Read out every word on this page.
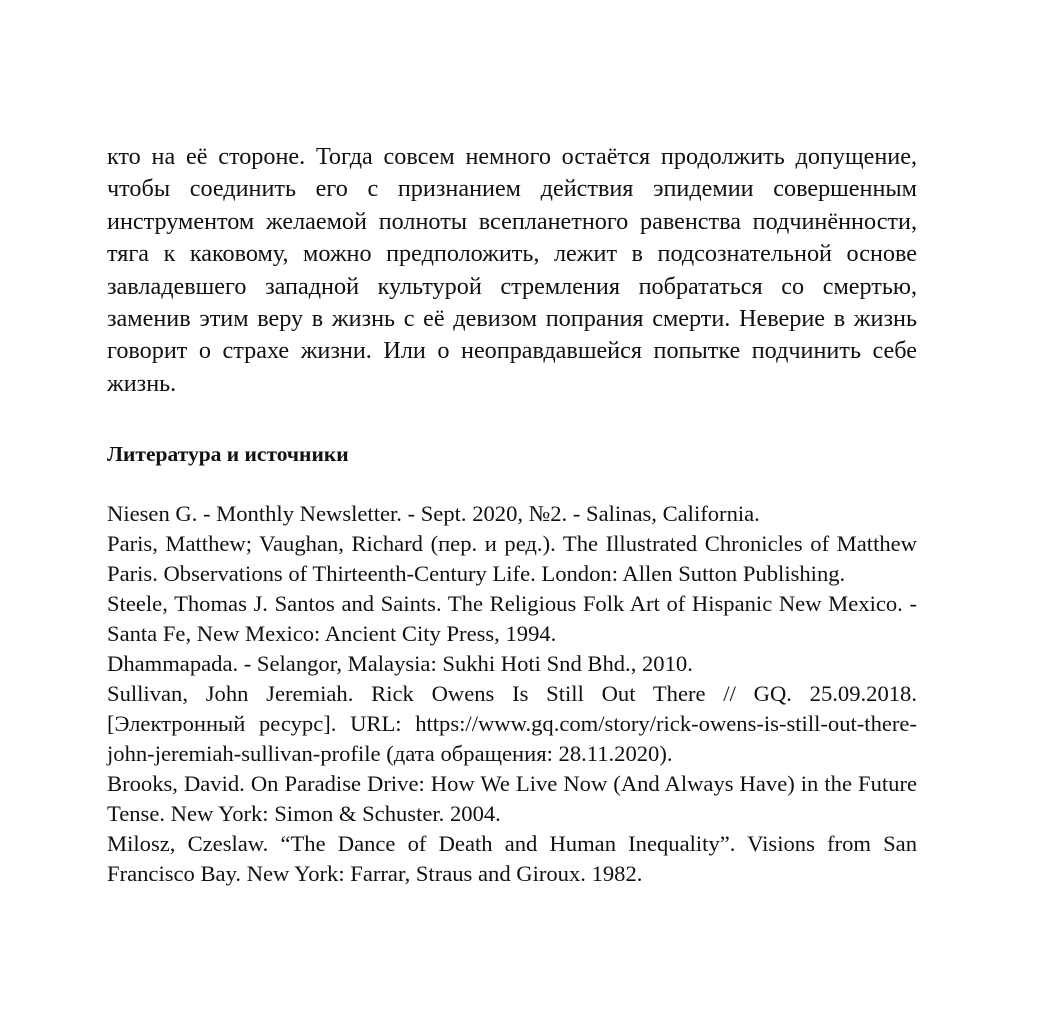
кто на её стороне. Тогда совсем немного остаётся продолжить допущение, чтобы соединить его с признанием действия эпидемии совершенным инструментом желаемой полноты всепланетного равенства подчинённости, тяга к каковому, можно предположить, лежит в подсознательной основе завладевшего западной культурой стремления побрататься со смертью, заменив этим веру в жизнь с её девизом попрания смерти. Неверие в жизнь говорит о страхе жизни. Или о неоправдавшейся попытке подчинить себе жизнь.

Литература и источники
Niesen G. - Monthly Newsletter. - Sept. 2020, №2. - Salinas, California.
Paris, Matthew; Vaughan, Richard (пер. и ред.). The Illustrated Chronicles of Matthew Paris. Observations of Thirteenth-Century Life. London: Allen Sutton Publishing.
Steele, Thomas J. Santos and Saints. The Religious Folk Art of Hispanic New Mexico. - Santa Fe, New Mexico: Ancient City Press, 1994.
Dhammapada. - Selangor, Malaysia: Sukhi Hoti Snd Bhd., 2010.
Sullivan, John Jeremiah. Rick Owens Is Still Out There // GQ. 25.09.2018. [Электронный ресурс]. URL: https://www.gq.com/story/rick-owens-is-still-out-there-john-jeremiah-sullivan-profile (дата обращения: 28.11.2020).
Brooks, David. On Paradise Drive: How We Live Now (And Always Have) in the Future Tense. New York: Simon & Schuster. 2004.
Milosz, Czeslaw. “The Dance of Death and Human Inequality”. Visions from San Francisco Bay. New York: Farrar, Straus and Giroux. 1982.
